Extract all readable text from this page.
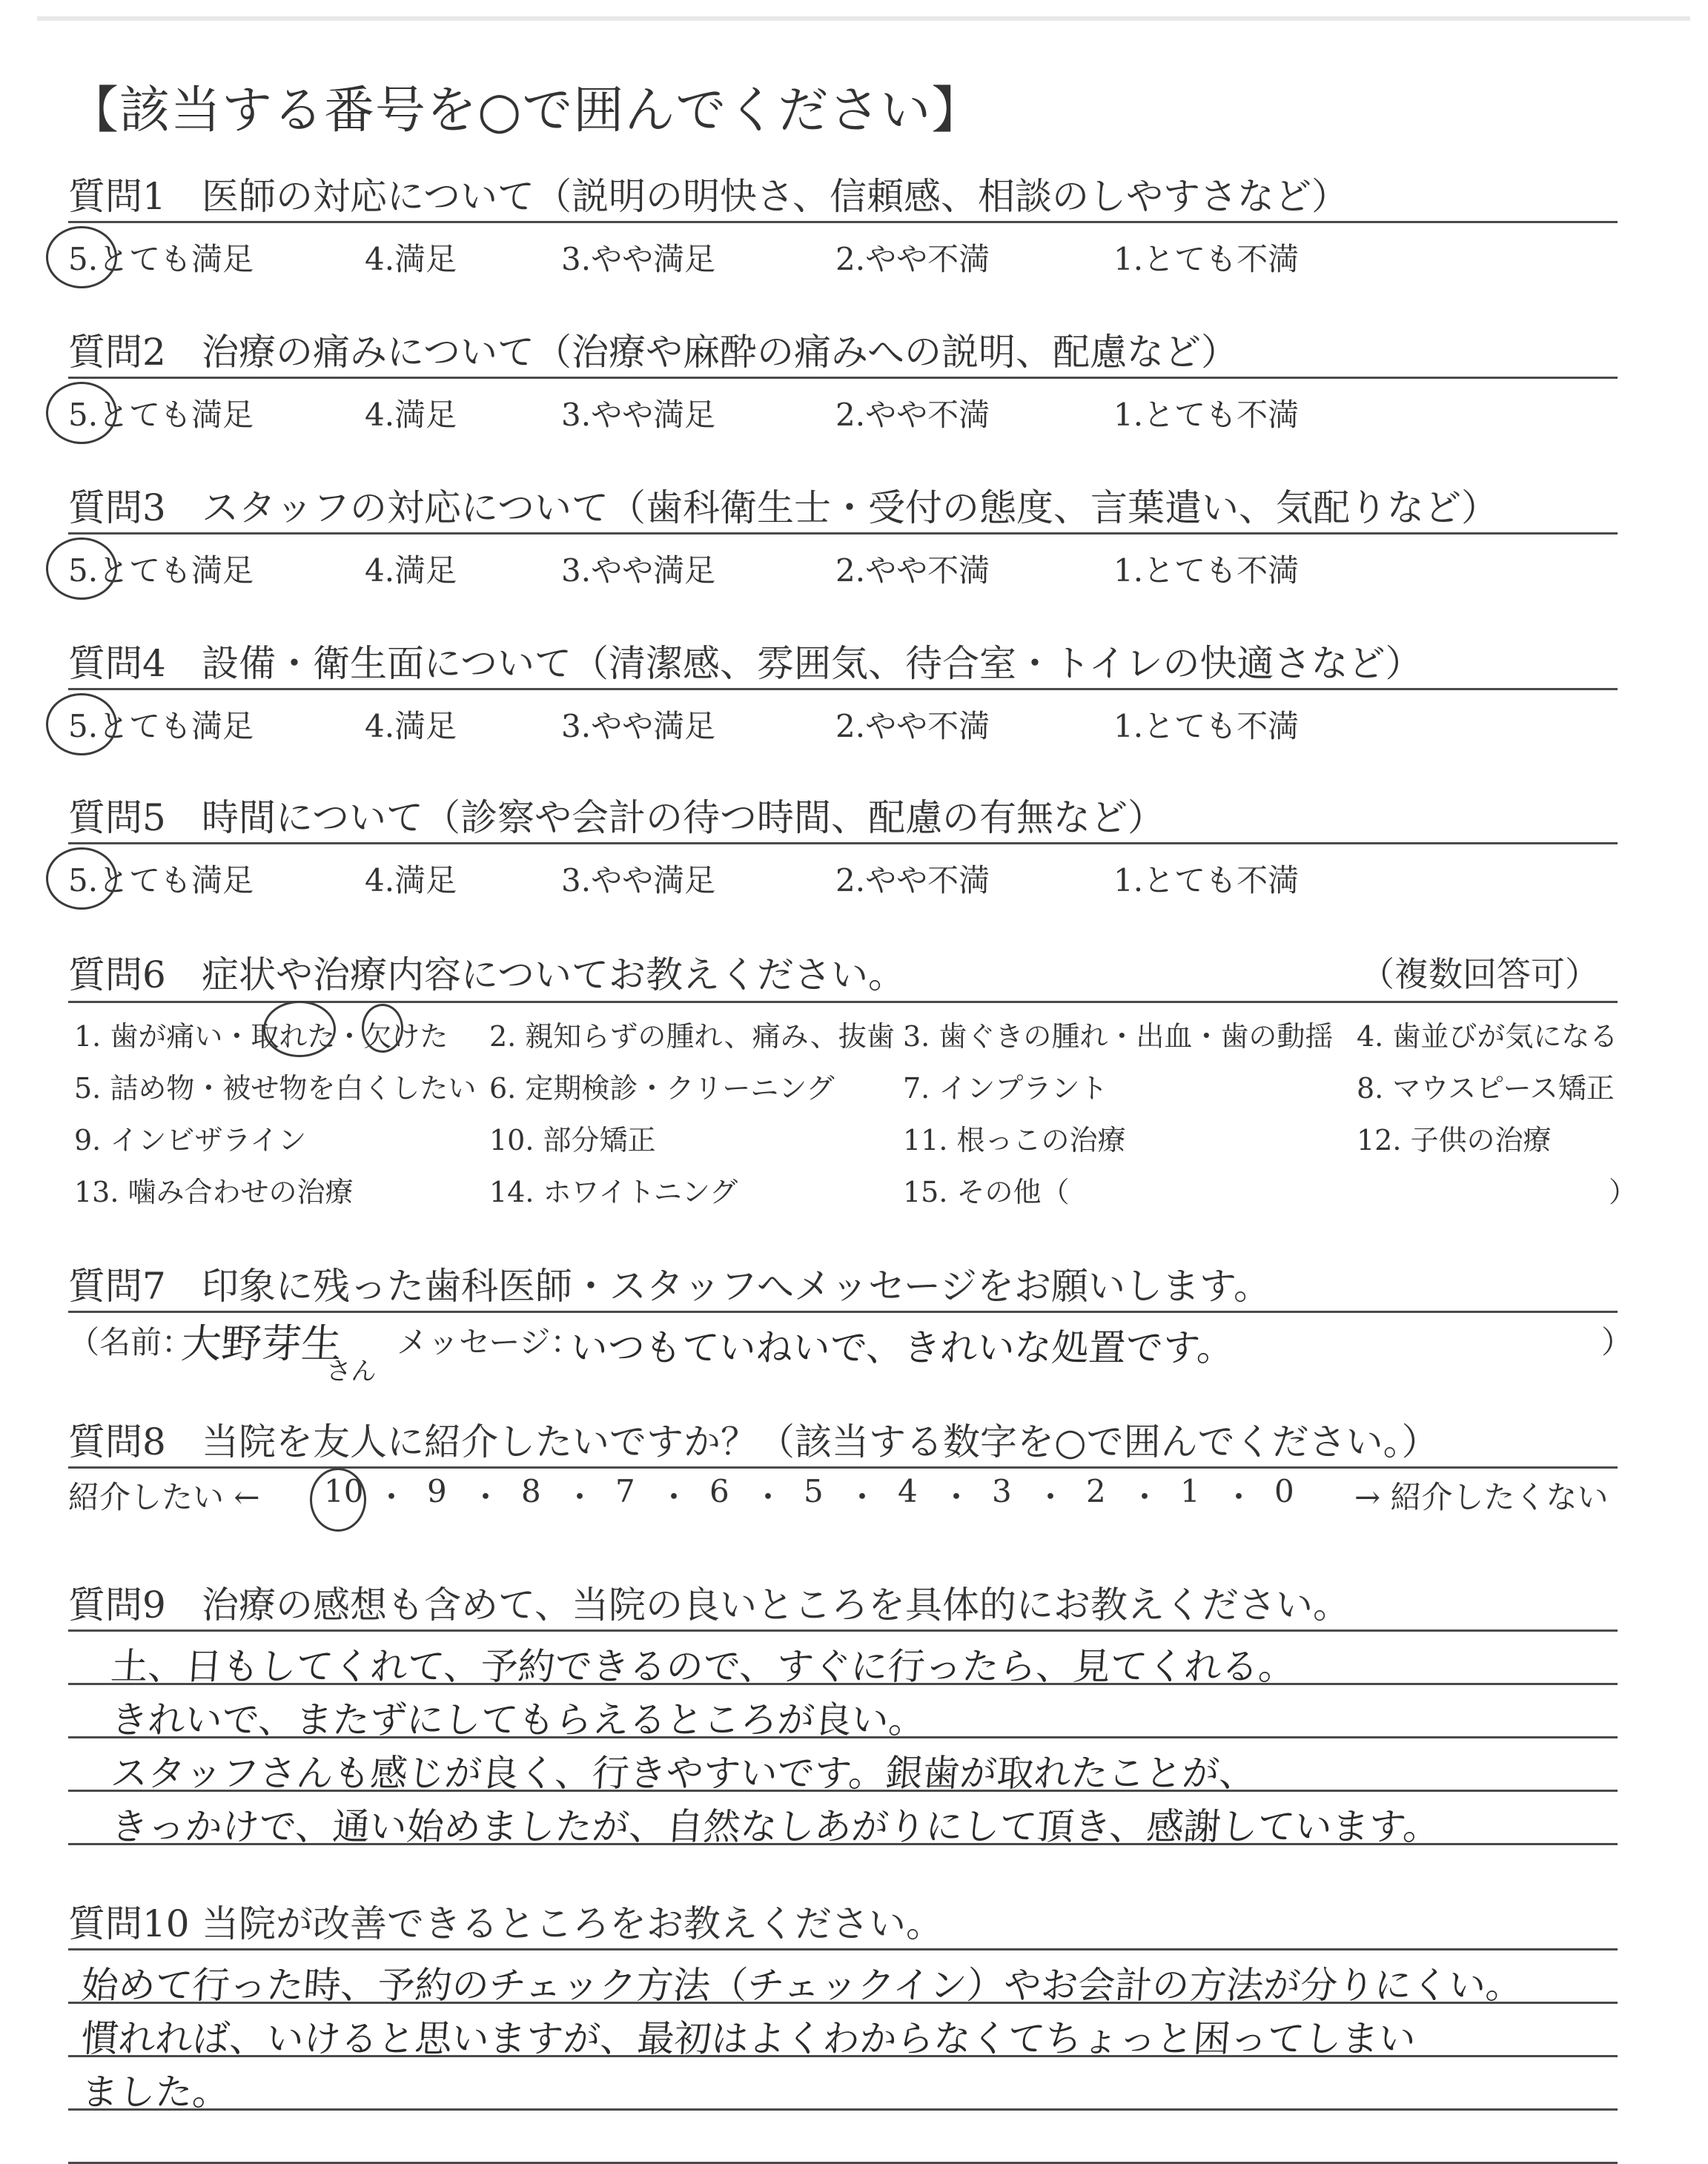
【該当する番号を○で囲んでください】
質問1 医師の対応について（説明の明快さ、信頼感、相談のしやすさなど）
5.とても満足	4.満足	3.やや満足	2.やや不満	1.とても不満
質問2 治療の痛みについて（治療や麻酔の痛みへの説明、配慮など）
5.とても満足	4.満足	3.やや満足	2.やや不満	1.とても不満
質問3 スタッフの対応について（歯科衛生士・受付の態度、言葉遣い、気配りなど）
5.とても満足	4.満足	3.やや満足	2.やや不満	1.とても不満
質問4 設備・衛生面について（清潔感、雰囲気、待合室・トイレの快適さなど）
5.とても満足	4.満足	3.やや満足	2.やや不満	1.とても不満
質問5 時間について（診察や会計の待つ時間、配慮の有無など）
5.とても満足	4.満足	3.やや満足	2.やや不満	1.とても不満
質問6 症状や治療内容についてお教えください。	（複数回答可）
1. 歯が痛い・取れた・欠けた 2. 親知らずの腫れ、痛み、抜歯 3. 歯ぐきの腫れ・出血・歯の動揺 4. 歯並びが気になる
5. 詰め物・被せ物を白くしたい 6. 定期検診・クリーニング 7. インプラント	8. マウスピース矯正
9. インビザライン	10. 部分矯正	11. 根っこの治療	12. 子供の治療
13. 噛み合わせの治療	14. ホワイトニング	15. その他（	）
質問7 印象に残った歯科医師・スタッフへメッセージをお願いします。
（名前：
大野芽生
さん
メッセージ：
いつもていねいで、きれいな処置です。	）
質問8 当院を友人に紹介したいですか？（該当する数字を○で囲んでください。）
紹介したい ← 10 ・ 9 ・ 8 ・ 7 ・ 6 ・ 5 ・ 4 ・ 3 ・ 2 ・ 1 ・ 0 → 紹介したくない
質問9 治療の感想も含めて、当院の良いところを具体的にお教えください。
土、日もしてくれて、予約できるので、すぐに行ったら、見てくれる。
きれいで、またずにしてもらえるところが良い。
スタッフさんも感じが良く、行きやすいです。銀歯が取れたことが、
きっかけで、通い始めましたが、自然なしあがりにして頂き、感謝しています。
質問10 当院が改善できるところをお教えください。
始めて行った時、予約のチェック方法（チェックイン）やお会計の方法が分りにくい。
慣れれば、いけると思いますが、最初はよくわからなくてちょっと困ってしまい
ました。
